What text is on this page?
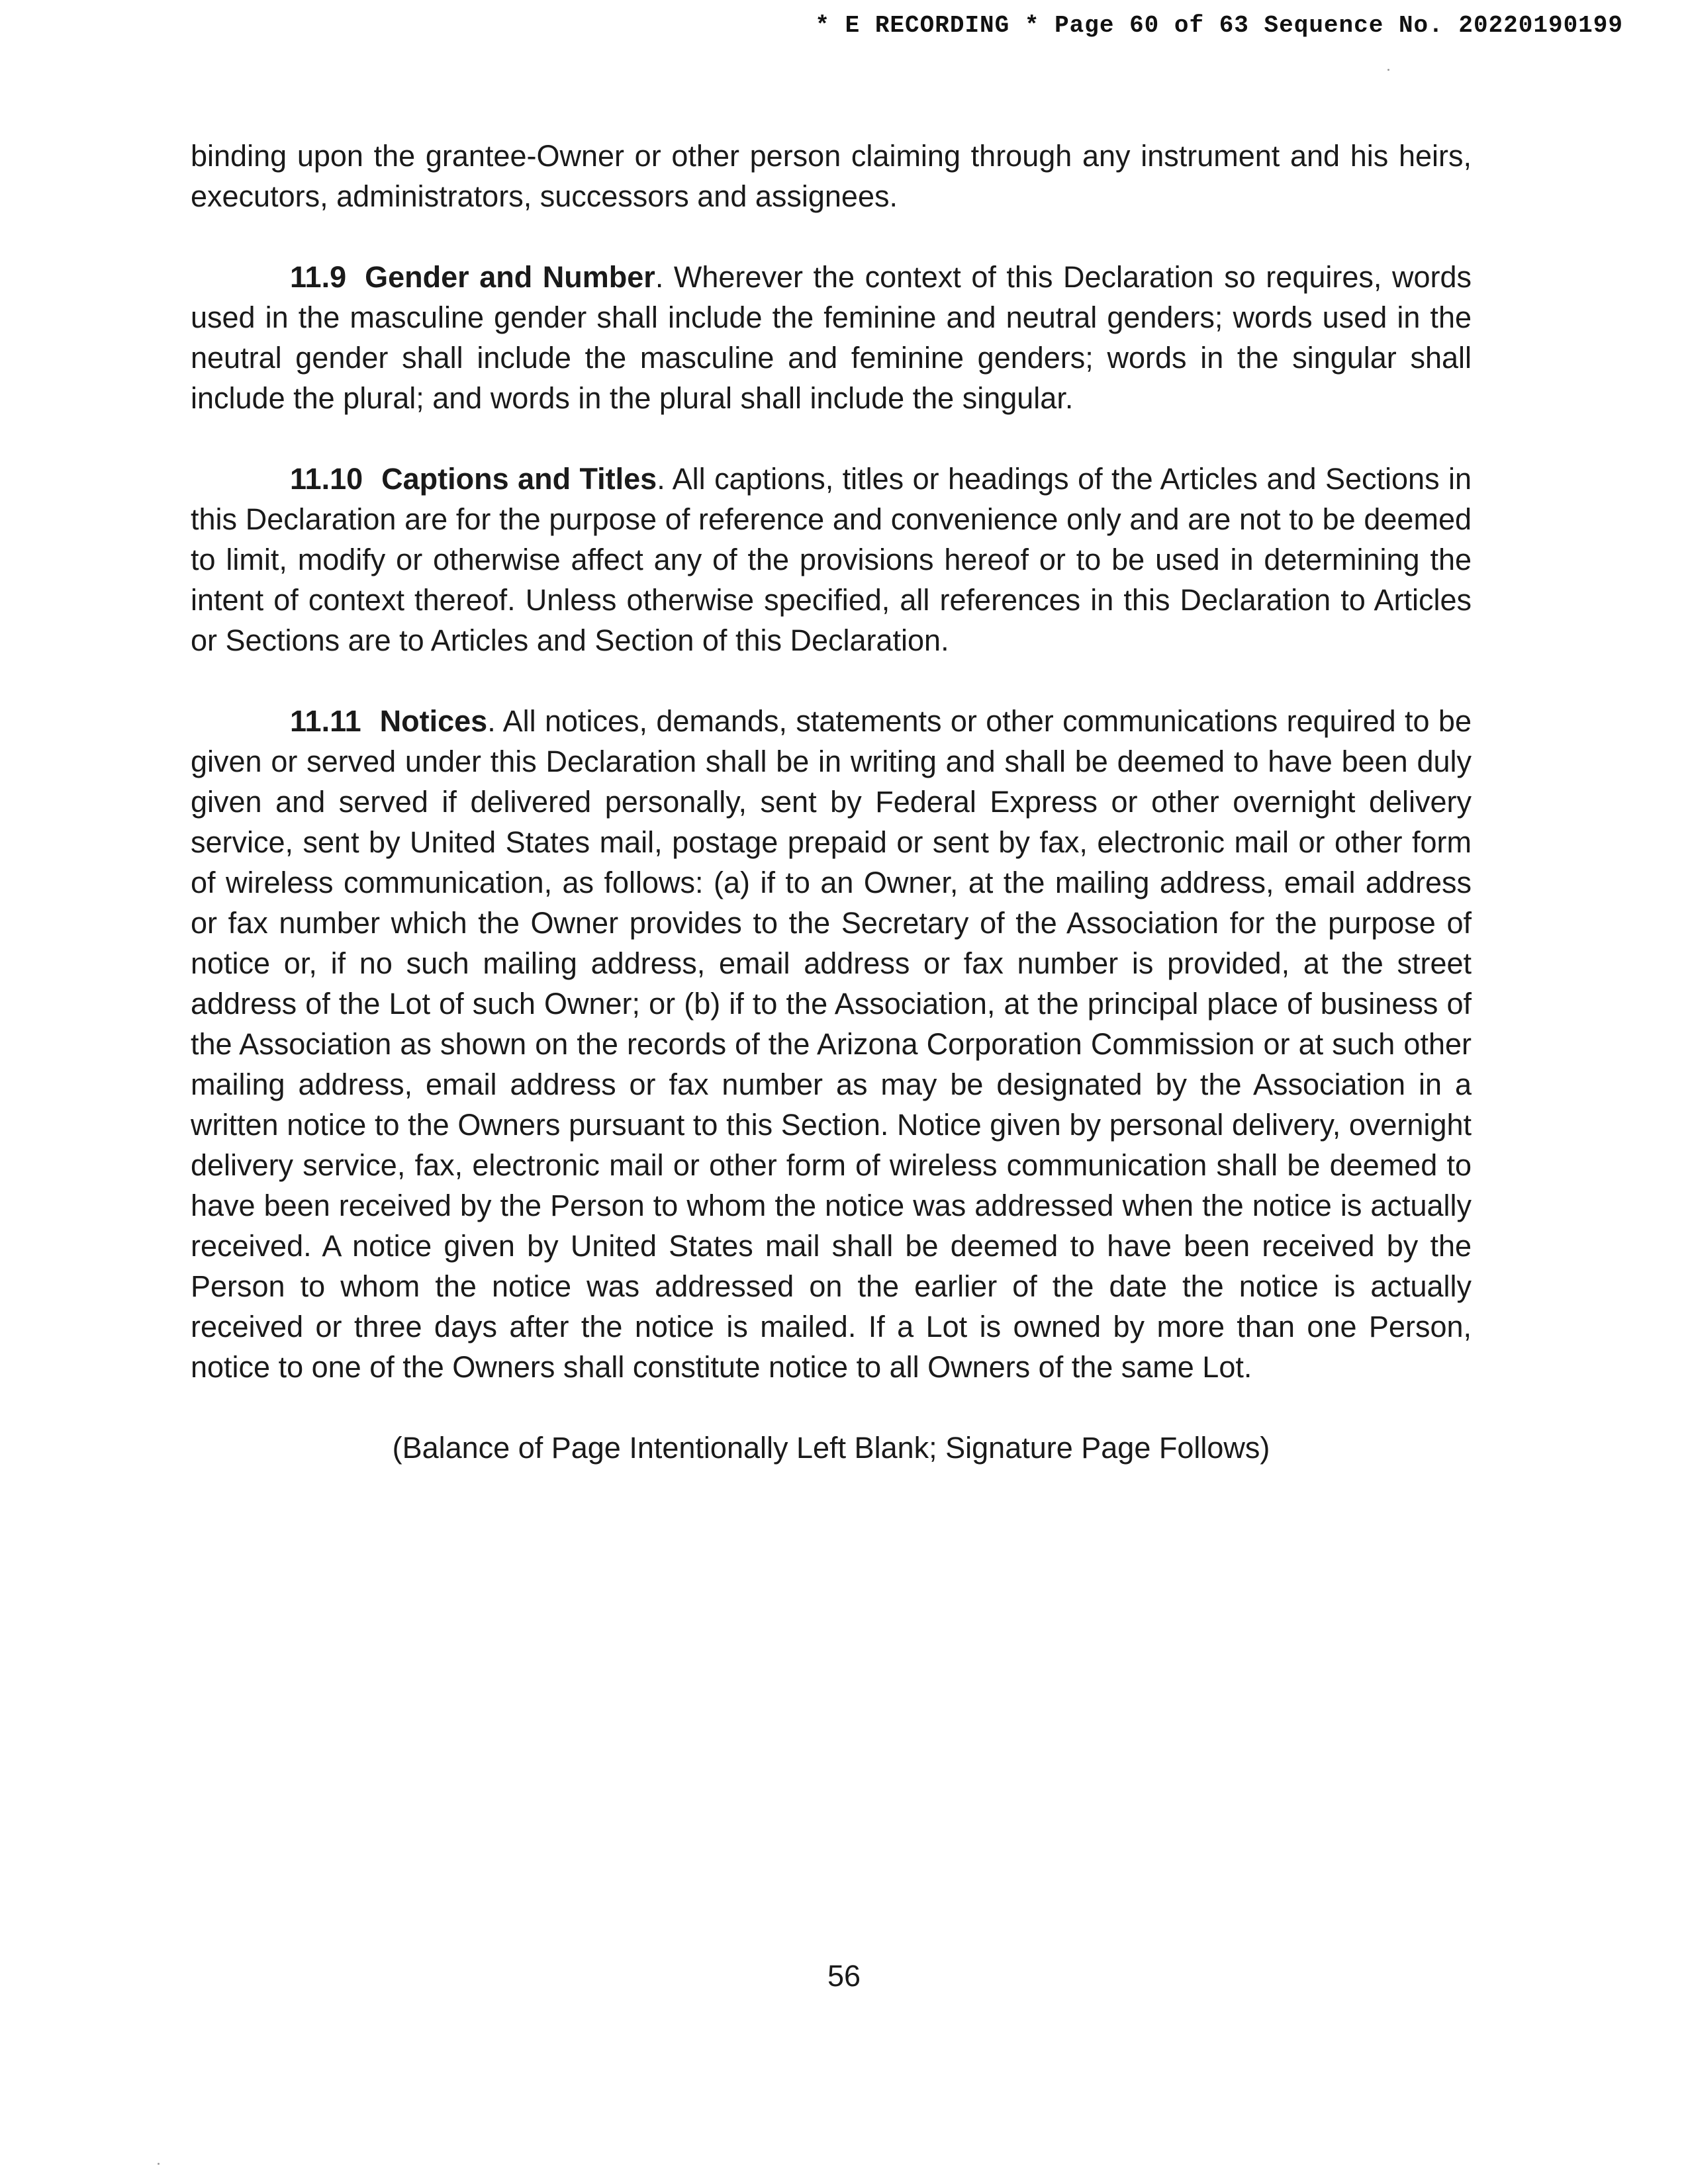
* E RECORDING * Page 60 of 63 Sequence No. 20220190199

binding upon the grantee-Owner or other person claiming through any instrument and his heirs, executors, administrators, successors and assignees.

11.9 Gender and Number. Wherever the context of this Declaration so requires, words used in the masculine gender shall include the feminine and neutral genders; words used in the neutral gender shall include the masculine and feminine genders; words in the singular shall include the plural; and words in the plural shall include the singular.

11.10 Captions and Titles. All captions, titles or headings of the Articles and Sections in this Declaration are for the purpose of reference and convenience only and are not to be deemed to limit, modify or otherwise affect any of the provisions hereof or to be used in determining the intent of context thereof. Unless otherwise specified, all references in this Declaration to Articles or Sections are to Articles and Section of this Declaration.

11.11 Notices. All notices, demands, statements or other communications required to be given or served under this Declaration shall be in writing and shall be deemed to have been duly given and served if delivered personally, sent by Federal Express or other overnight delivery service, sent by United States mail, postage prepaid or sent by fax, electronic mail or other form of wireless communication, as follows: (a) if to an Owner, at the mailing address, email address or fax number which the Owner provides to the Secretary of the Association for the purpose of notice or, if no such mailing address, email address or fax number is provided, at the street address of the Lot of such Owner; or (b) if to the Association, at the principal place of business of the Association as shown on the records of the Arizona Corporation Commission or at such other mailing address, email address or fax number as may be designated by the Association in a written notice to the Owners pursuant to this Section. Notice given by personal delivery, overnight delivery service, fax, electronic mail or other form of wireless communication shall be deemed to have been received by the Person to whom the notice was addressed when the notice is actually received. A notice given by United States mail shall be deemed to have been received by the Person to whom the notice was addressed on the earlier of the date the notice is actually received or three days after the notice is mailed. If a Lot is owned by more than one Person, notice to one of the Owners shall constitute notice to all Owners of the same Lot.

(Balance of Page Intentionally Left Blank; Signature Page Follows)

56
